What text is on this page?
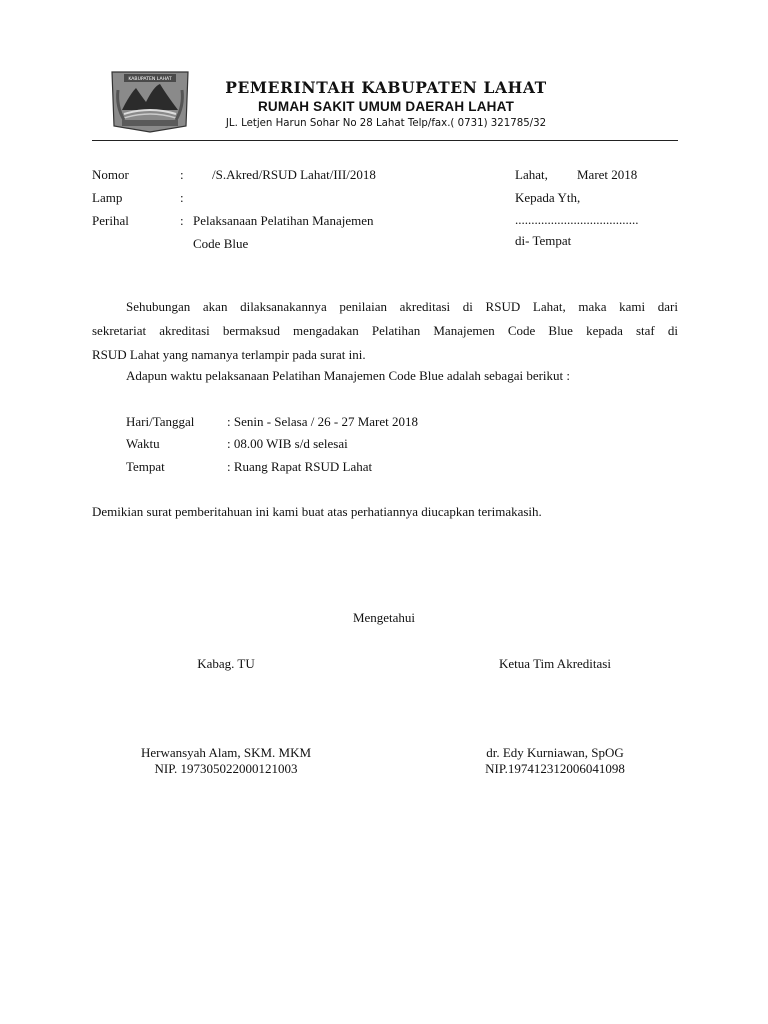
KABUPATEN LAHAT	PEMERINTAH KABUPATEN LAHAT
RUMAH SAKIT UMUM DAERAH LAHAT
JL. Letjen Harun Sohar No 28 Lahat Telp/fax.( 0731) 321785/32
Nomor	: /S.Akred/RSUD Lahat/III/2018
Lamp	:
Perihal	: Pelaksanaan Pelatihan Manajemen
Code Blue
Lahat, Maret 2018
Kepada Yth,
......................................
di- Tempat
Sehubungan akan dilaksanakannya penilaian akreditasi di RSUD Lahat, maka kami dari
sekretariat akreditasi bermaksud mengadakan Pelatihan Manajemen Code Blue kepada staf di
RSUD Lahat yang namanya terlampir pada surat ini.
Adapun waktu pelaksanaan Pelatihan Manajemen Code Blue adalah sebagai berikut :
Hari/Tanggal	: Senin - Selasa / 26 - 27 Maret 2018
Waktu	: 08.00 WIB s/d selesai
Tempat	: Ruang Rapat RSUD Lahat
Demikian surat pemberitahuan ini kami buat atas perhatiannya diucapkan terimakasih.
Mengetahui
Kabag. TU	Ketua Tim Akreditasi
Herwansyah Alam, SKM. MKM
NIP. 197305022000121003
dr. Edy Kurniawan, SpOG
NIP.197412312006041098
